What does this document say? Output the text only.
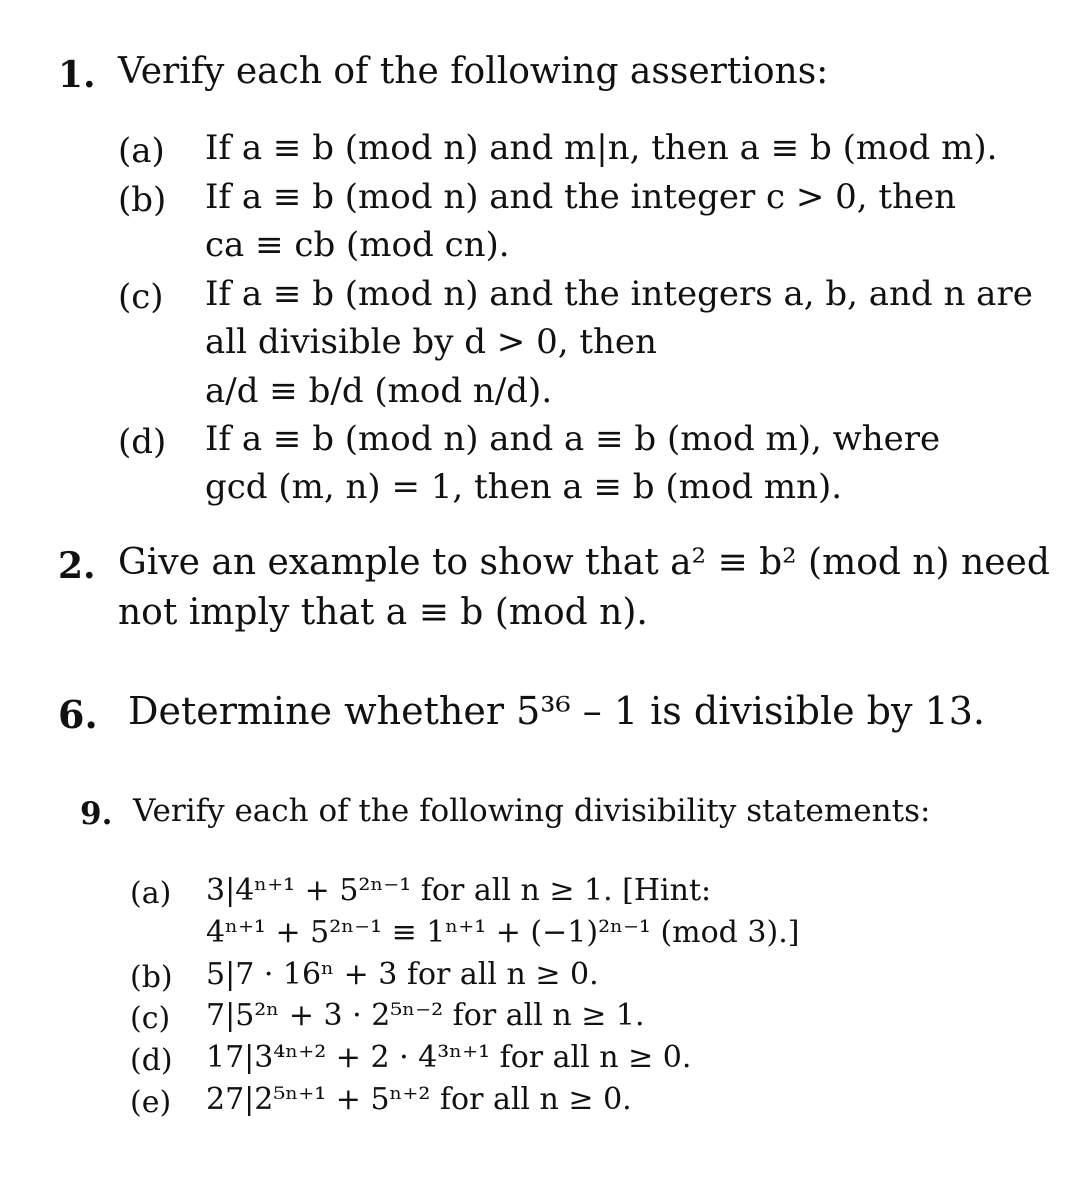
1. Verify each of the following assertions:
(a) If a ≡ b (mod n) and m|n, then a ≡ b (mod m).
(b) If a ≡ b (mod n) and the integer c > 0, then
ca ≡ cb (mod cn).
(c) If a ≡ b (mod n) and the integers a, b, and n are
all divisible by d > 0, then
a/d ≡ b/d (mod n/d).
(d) If a ≡ b (mod n) and a ≡ b (mod m), where
gcd (m, n) = 1, then a ≡ b (mod mn).
2. Give an example to show that a² ≡ b² (mod n) need
not imply that a ≡ b (mod n).
6. Determine whether 5³⁶ – 1 is divisible by 13.
9. Verify each of the following divisibility statements:
(a) 3|4ⁿ⁺¹ + 5²ⁿ⁻¹ for all n ≥ 1. [Hint:
4ⁿ⁺¹ + 5²ⁿ⁻¹ ≡ 1ⁿ⁺¹ + (−1)²ⁿ⁻¹ (mod 3).]
(b) 5|7 · 16ⁿ + 3 for all n ≥ 0.
(c) 7|5²ⁿ + 3 · 2⁵ⁿ⁻² for all n ≥ 1.
(d) 17|3⁴ⁿ⁺² + 2 · 4³ⁿ⁺¹ for all n ≥ 0.
(e) 27|2⁵ⁿ⁺¹ + 5ⁿ⁺² for all n ≥ 0.
